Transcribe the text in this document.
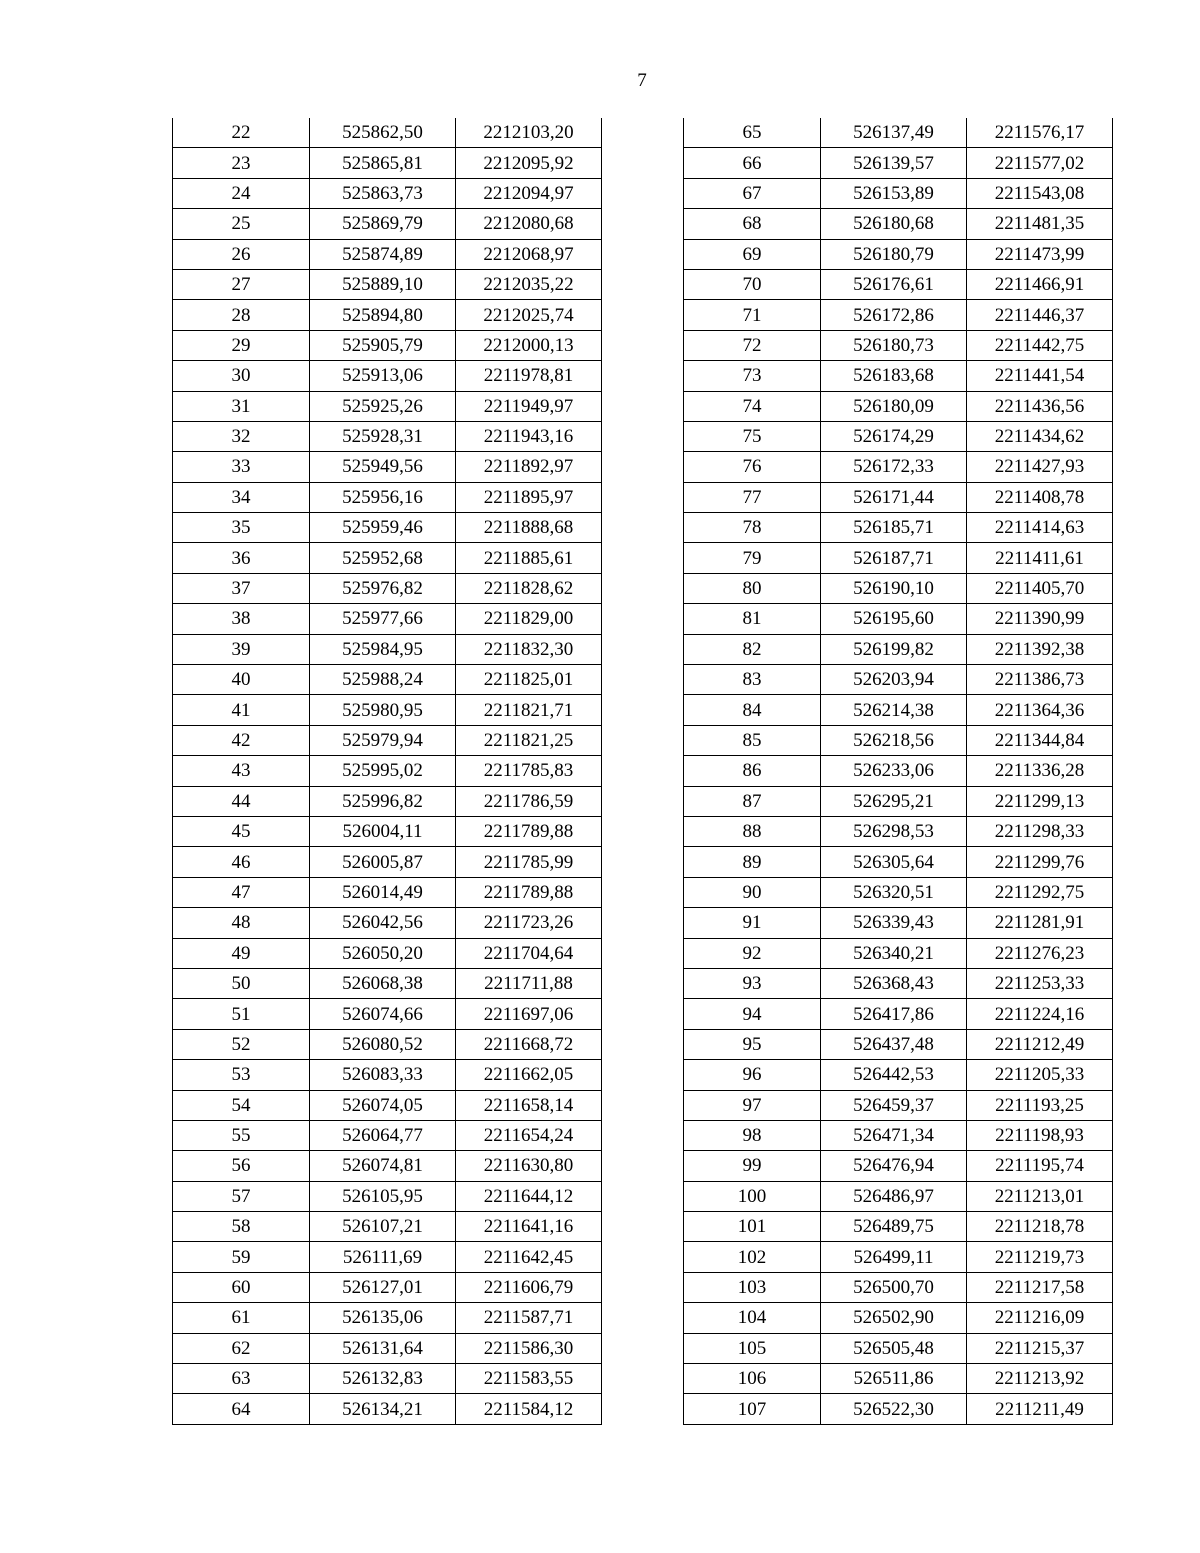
7
22	525862,50	2212103,20
23	525865,81	2212095,92
24	525863,73	2212094,97
25	525869,79	2212080,68
26	525874,89	2212068,97
27	525889,10	2212035,22
28	525894,80	2212025,74
29	525905,79	2212000,13
30	525913,06	2211978,81
31	525925,26	2211949,97
32	525928,31	2211943,16
33	525949,56	2211892,97
34	525956,16	2211895,97
35	525959,46	2211888,68
36	525952,68	2211885,61
37	525976,82	2211828,62
38	525977,66	2211829,00
39	525984,95	2211832,30
40	525988,24	2211825,01
41	525980,95	2211821,71
42	525979,94	2211821,25
43	525995,02	2211785,83
44	525996,82	2211786,59
45	526004,11	2211789,88
46	526005,87	2211785,99
47	526014,49	2211789,88
48	526042,56	2211723,26
49	526050,20	2211704,64
50	526068,38	2211711,88
51	526074,66	2211697,06
52	526080,52	2211668,72
53	526083,33	2211662,05
54	526074,05	2211658,14
55	526064,77	2211654,24
56	526074,81	2211630,80
57	526105,95	2211644,12
58	526107,21	2211641,16
59	526111,69	2211642,45
60	526127,01	2211606,79
61	526135,06	2211587,71
62	526131,64	2211586,30
63	526132,83	2211583,55
64	526134,21	2211584,12
65	526137,49	2211576,17
66	526139,57	2211577,02
67	526153,89	2211543,08
68	526180,68	2211481,35
69	526180,79	2211473,99
70	526176,61	2211466,91
71	526172,86	2211446,37
72	526180,73	2211442,75
73	526183,68	2211441,54
74	526180,09	2211436,56
75	526174,29	2211434,62
76	526172,33	2211427,93
77	526171,44	2211408,78
78	526185,71	2211414,63
79	526187,71	2211411,61
80	526190,10	2211405,70
81	526195,60	2211390,99
82	526199,82	2211392,38
83	526203,94	2211386,73
84	526214,38	2211364,36
85	526218,56	2211344,84
86	526233,06	2211336,28
87	526295,21	2211299,13
88	526298,53	2211298,33
89	526305,64	2211299,76
90	526320,51	2211292,75
91	526339,43	2211281,91
92	526340,21	2211276,23
93	526368,43	2211253,33
94	526417,86	2211224,16
95	526437,48	2211212,49
96	526442,53	2211205,33
97	526459,37	2211193,25
98	526471,34	2211198,93
99	526476,94	2211195,74
100	526486,97	2211213,01
101	526489,75	2211218,78
102	526499,11	2211219,73
103	526500,70	2211217,58
104	526502,90	2211216,09
105	526505,48	2211215,37
106	526511,86	2211213,92
107	526522,30	2211211,49
